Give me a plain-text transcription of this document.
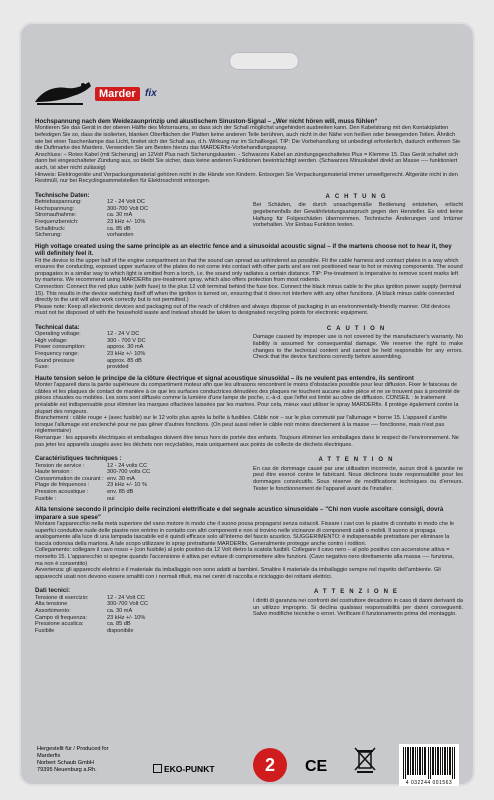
Marder fix
Hochspannung nach dem Weidezaunprinzip und akustischem Sinuston-Signal – „Wer nicht hören will, muss fühlen“

Montieren Sie das Gerät in der oberen Hälfte des Motorraums, so dass sich der Schall möglichst ungehindert ausbreiten kann. Den Kabelstrang mit den Kontaktplatten befestigen Sie so, dass die isolierten, blanken Oberflächen der Platten keine anderen Teile berühren, auch nicht in der Nähe von heißen oder bewegenden Teilen. Ähnlich wie bei einer Taschenlampe das Licht, breitet sich der Schall aus, d.h. Wirkung nur im Schallkegel. TIP: Die Vorbehandlung ist unbedingt erforderlich, dadurch entfernen Sie die Duftmarke des Marders. Verwenden Sie am Besten hierzu das MARDERfix-Vorbehandlungsspray.

Anschluss: – Rotes Kabel (mit Sicherung) an 12Volt Plus nach Sicherungskasten. - Schwarzes Kabel an zündungsgeschaltetes Plus = Klemme 15. Das Gerät schaltet sich dann bei eingeschalteter Zündung aus, so bleibt Sie sicher, dass keine anderen Funktionen beeinträchtigt werden. (Schwarzes Minuskabel direkt an Masse ---- funktioniert auch, ist aber nicht zulässig)

Hinweis: Elektrogeräte und Verpackungsmaterial gehören nicht in die Hände von Kindern. Entsorgen Sie Verpackungsmaterial immer umweltgerecht. Altgeräte nicht in den Restmüll, nur bei Recyclingsammelstellen für Elektroschrott entsorgen.

Technische Daten:
Betriebsspannung:	12 - 24 Volt DC
Hochspannung:	300-700 Volt DC
Stromaufnahme:	ca. 30 mA
Frequenzbereich:	23 kHz +/- 10%
Schalldruck:	ca. 85 dB
Sicherung:	vorhanden
ACHTUNG
Bei Schäden, die durch unsachgemäße Bedienung entstehen, erlischt gegebenenfalls der Gewährleistungsanspruch gegen den Hersteller. Es wird keine Haftung für Folgeschäden übernommen. Technische Änderungen und Irrtümer vorbehalten. Vor Einbau Funktion testen.
High voltage created using the same principle as an electric fence and a sinusoidal acoustic signal – if the martens choose not to hear it, they will definitely feel it.

Fit the device to the upper half of the engine compartment so that the sound can spread as unhindered as possible. Fit the cable harness and contact plates in a way which ensures the conducting, exposed upper surfaces of the plates do not come into contact with other parts and are not positioned near to hot or moving components. The sound propagates in a similar way to which light is emitted from a torch, i.e. the sound only radiates a certain distance. TIP: Pre-treatment is imperative to remove scent marks left by martens. We recommend using MARDERfix pre-treatment spray, which also offers protection from most rodents.

Connection: Connect the red plus cable (with fuse) to the plus 12 volt terminal behind the fuse box. Connect the black minus cable to the plus ignition power supply (terminal 15). This results in the device switching itself off when the ignition is turned on, ensuring that it does not interfere with any other functions. (A black minus cable connected directly to the unit will also work correctly but is not permitted.)

Please note: Keep all electronic devices and packaging out of the reach of children and always dispose of packaging in an environmentally-friendly manner. Old devices must not be disposed of with the household waste and instead should be taken to designated recycling points for electronic equipment.

Technical data:
Operating voltage:	12 - 24 V DC
High voltage:	300 - 700 V DC
Power consumption:	approx. 30 mA
Frequency range:	23 kHz +/- 10%
Sound pressure	approx. 85 dB
Fuse:	provided
CAUTION
Damage caused by improper use is not covered by the manufacturer's warranty. No liability is assumed for consequential damage. We reserve the right to make changes to the technical content and cannot be held responsible for any errors. Check that the device functions correctly before assembling.
Haute tension selon le principe de la clôture électrique et signal acoustique sinusoïdal – ils ne veulent pas entendre, ils sentiront

Monter l'appareil dans la partie supérieure du compartiment moteur afin que les ultrasons rencontrent le moins d'obstacles possible pour leur diffusion. Fixer le faisceau de câbles et les plaques de contact de manière à ce que les surfaces conductrices dénudées des plaques ne touchent aucune autre pièce et ne se trouvent pas à proximité de pièces chaudes ou mobiles. Les sons sont diffusés comme la lumière d'une lampe de poche, c.-à-d. que l'effet est limité au cône de diffusion. CONSEIL : le traitement préalable est indispensable pour éliminer les marques olfactives laissées par les martres. Pour cela, mieux vaut utiliser le spray MARDERfix. Il protège également contre la plupart des rongeurs.

Branchement : câble rouge + (avec fusible) sur le 12 volts plus après la boîte à fusibles. Câble noir – sur le plus commuté par l'allumage = borne 15. L'appareil s'arrête lorsque l'allumage est enclenché pour ne pas gêner d'autres fonctions. (On peut aussi relier le câble noir moins directement à la masse ---- fonctionne, mais n'est pas réglementaire)

Remarque : les appareils électriques et emballages doivent être tenus hors de portée des enfants. Toujours éliminer les emballages dans le respect de l'environnement. Ne pas jeter les appareils usagés avec les déchets non recyclables, mais uniquement aux points de collecte de déchets électriques.

Caractéristiques techniques :
Tension de service :	12 - 24 volts CC
Haute tension :	300-700 volts CC
Consommation de courant : env. 30 mA
Plage de fréquences :	23 kHz +/- 10 %
Pression acoustique :	env. 85 dB
Fusible :	oui
ATTENTION
En cas de dommage causé par une utilisation incorrecte, aucun droit à garantie ne peut être exercé contre le fabricant. Nous déclinons toute responsabilité pour les dommages consécutifs. Sous réserve de modifications techniques ou d'erreurs. Tester le fonctionnement de l'appareil avant de l'installer.
Alta tensione secondo il principio delle recinzioni elettrificate e del segnale acustico sinusoidale – "Chi non vuole ascoltare consigli, dovrà imparare a sue spese"

Montare l'apparecchio nella metà superiore del vano motore in modo che il suono possa propagarsi senza ostacoli. Fissare i cavi con le piastre di contatto in modo che le superfici conduttive nude delle piastre non entrino in contatto con altri componenti e non si trovino nelle vicinanze di componenti caldi o mobili. Il suono si propaga analogamente alla luce di una lampada tascabile ed è quindi efficace solo all'interno del fascio acustico. SUGGERIMENTO: è indispensabile pretrattare per eliminare la traccia odorosa della martora. A tale scopo utilizzare lo spray pretrattante MARDERfix. Generalmente protegge anche contro i roditori.

Collegamento: collegare il cavo rosso + (con fusibile) al polo positivo da 12 Volt dietro la scatola fusibili. Collegare il cavo nero – al polo positivo con accensione attiva = morsetto 15. L'apparecchio si spegne quando l'accensione è attiva per evitare di compromettere altre funzioni. (Cavo negativo nero direttamente alla massa ---- funziona, ma non è consentito)

Avvertenza: gli apparecchi elettrici e il materiale da imballaggio non sono adatti ai bambini. Smaltire il materiale da imballaggio sempre nel rispetto dell'ambiente. Gli apparecchi usati non devono essere smaltiti con i normali rifiuti, ma nei centri di raccolta e riciclaggio dei rottami elettrici.

Dati tecnici:
Tensione di esercizio:	12 - 24 Volt CC
Alta tensione	300-700 Volt CC
Assorbimento:	ca. 30 mA
Campo di frequenza:	23 kHz +/- 10%
Pressione acustica:	ca. 85 dB
Fusibile	disponibile
ATTENZIONE
I diritti di garanzia nei confronti del costruttore decadono in caso di danni derivanti da un utilizzo improprio. Si declina qualsiasi responsabilità per danni conseguenti. Salvo modifiche tecniche o errori. Verificare il funzionamento prima del montaggio.
Hergestellt für / Produced for
Marderfix
Norbert Schaub GmbH
79395 Neuenburg a.Rh.	EKO-PUNKT	2	CE
4 032244 001563
